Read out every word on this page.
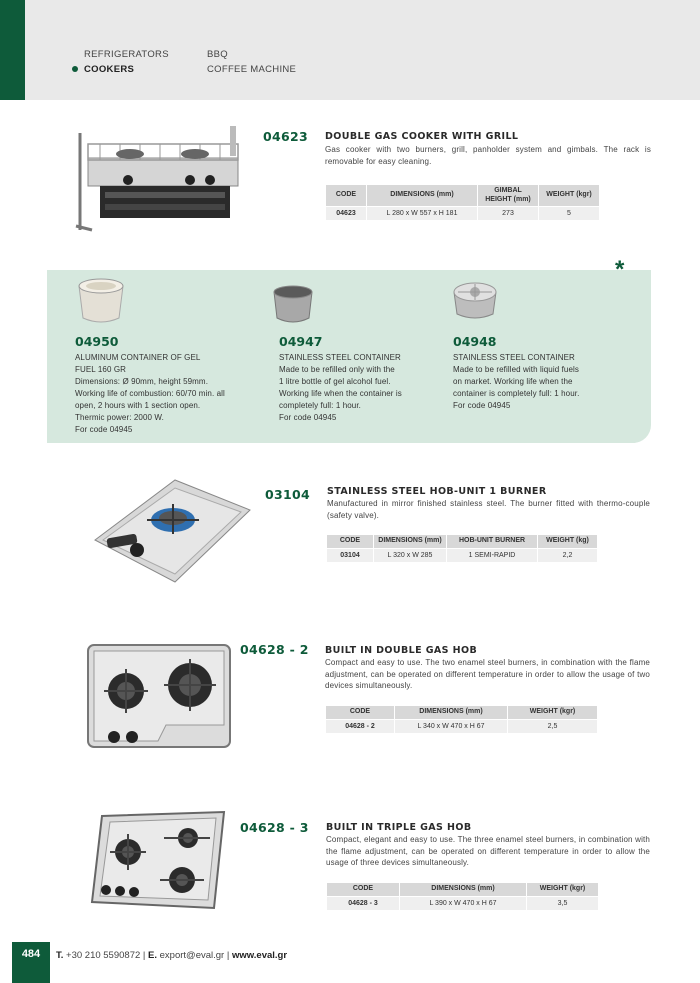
REFRIGERATORS	BBQ
COOKERS	COFFEE MACHINE
04623 DOUBLE GAS COOKER WITH GRILL
Gas cooker with two burners, grill, panholder system and gimbals. The rack is removable for easy cleaning.
CODE	DIMENSIONS (mm)	GIMBAL HEIGHT (mm)	WEIGHT (kgr)
04623	L 280 x W 557 x H 181	273	5
*
04950
ALUMINUM CONTAINER OF GEL
FUEL 160 GR
Dimensions: Ø 90mm, height 59mm.
Working life of combustion: 60/70 min. all
open, 2 hours with 1 section open.
Thermic power: 2000 W.
For code 04945
04947
STAINLESS STEEL CONTAINER
Made to be refilled only with the
1 litre bottle of gel alcohol fuel.
Working life when the container is
completely full: 1 hour.
For code 04945
04948
STAINLESS STEEL CONTAINER
Made to be refilled with liquid fuels
on market. Working life when the
container is completely full: 1 hour.
For code 04945
03104 STAINLESS STEEL HOB-UNIT 1 BURNER
Manufactured in mirror finished stainless steel. The burner fitted with thermo-couple (safety valve).
CODE	DIMENSIONS (mm)	HOB-UNIT BURNER	WEIGHT (kg)
03104	L 320 x W 285	1 SEMI-RAPID	2,2
04628 - 2 BUILT IN DOUBLE GAS HOB
Compact and easy to use. The two enamel steel burners, in combination with the flame adjustment, can be operated on different temperature in order to allow the usage of two devices simultaneously.
CODE	DIMENSIONS (mm)	WEIGHT (kgr)
04628 - 2	L 340 x W 470 x H 67	2,5
04628 - 3 BUILT IN TRIPLE GAS HOB
Compact, elegant and easy to use. The three enamel steel burners, in combination with the flame adjustment, can be operated on different temperature in order to allow the usage of three devices simultaneously.
CODE	DIMENSIONS (mm)	WEIGHT (kgr)
04628 - 3	L 390 x W 470 x H 67	3,5
484	T. +30 210 5590872 | E. export@eval.gr | www.eval.gr
